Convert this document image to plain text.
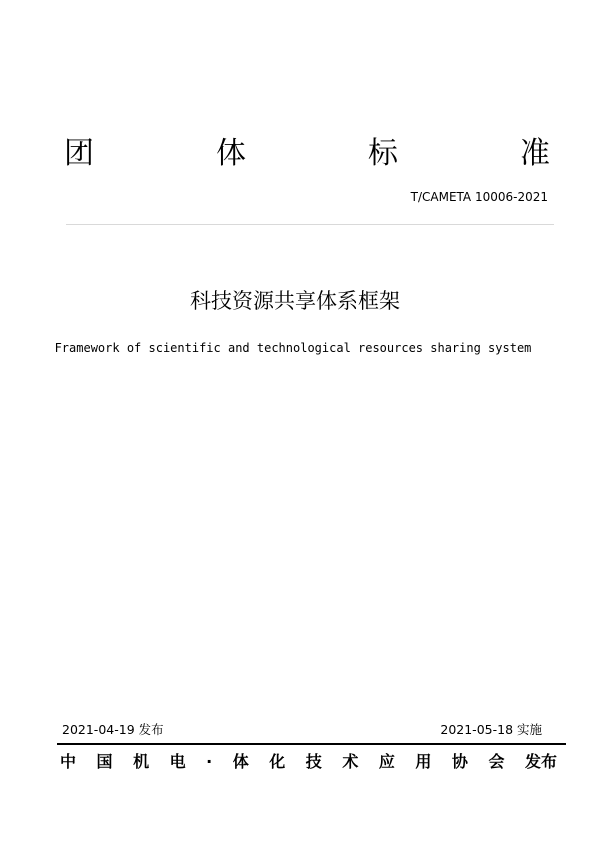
团	体	标	准
T/CAMETA 10006-2021
科技资源共享体系框架
Framework of scientific and technological resources sharing system
2021-04-19 发布	2021-05-18 实施
中 国 机 电 · 体 化 技 术 应 用 协 会 发布
